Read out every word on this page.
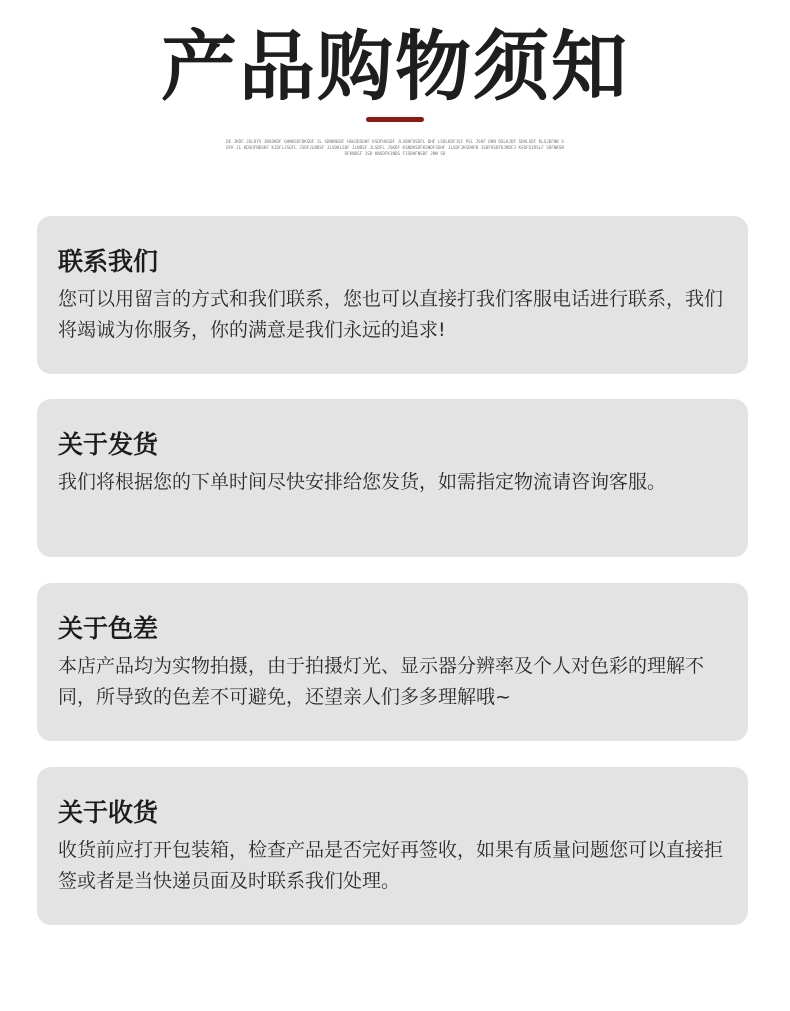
产品购物须知
DE JKDF JSLDYS JNSOKDF GHNKSDFDKSDF JL SDNKNSDF HSHJDSDHF KSDFHUSDF JLSDHFOSDFL DHF LSDLKDFJSF PSL JSKF DKN DSLHJDF SDKLSDF KLSJDFNK SDFK JL KDSOFNDSKF KJDFLJSOFL JSDFJLNDSF JLSDKLSDF JLNDSF JLSDFL JSKDF KSNDKSDFKSNDFSDHF JLSDFJKSDHFN JSDFOSDFKJNDFJ KSDFOJDSLF SDFNKSNDFKNDSF JSD KNSDFKJNDS FJSDHFNSDF JNN SD
联系我们
您可以用留言的方式和我们联系，您也可以直接打我们客服电话进行联系，我们将竭诚为你服务，你的满意是我们永远的追求!
关于发货
我们将根据您的下单时间尽快安排给您发货，如需指定物流请咨询客服。
关于色差
本店产品均为实物拍摄，由于拍摄灯光、显示器分辨率及个人对色彩的理解不同，所导致的色差不可避免，还望亲人们多多理解哦~
关于收货
收货前应打开包装箱，检查产品是否完好再签收，如果有质量问题您可以直接拒签或者是当快递员面及时联系我们处理。
